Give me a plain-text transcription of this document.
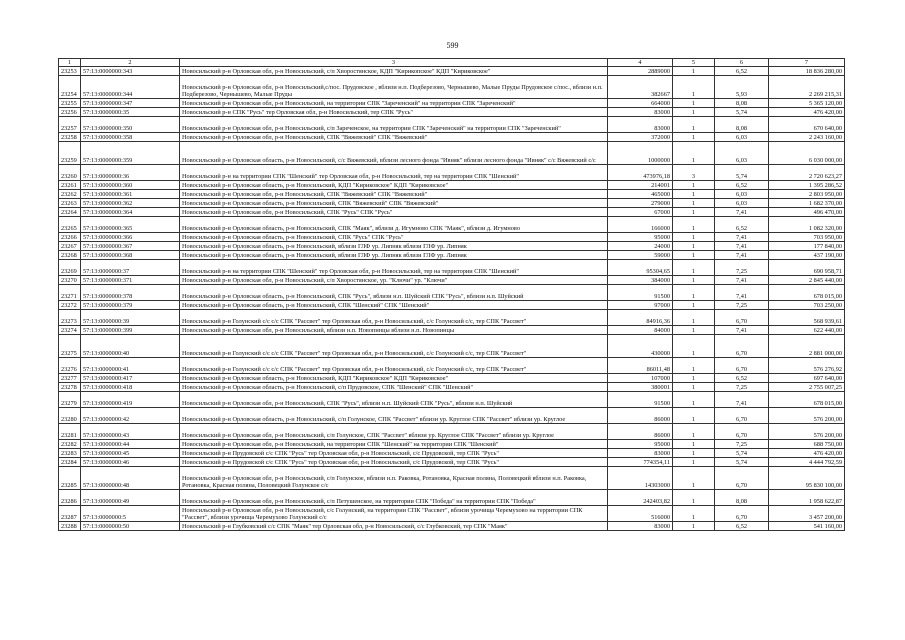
599
1	2	3	4	5	6	7
23253	57:13:0000000:343	Новосильский р-н Орловская обл, р-н Новосильский, с/п Хворостянское, КДП "Кирикопское" КДП "Кириковское"	2889000	1	6,52	18 836 280,00
23254	57:13:0000000:344	Новосильский р-н Орловская обл, р-н Новосильский,с/пос. Прудовское , вблизи н.п. Подберезово, Чернышево, Малые Пруды Прудовское с/пос., вблизи н.п. Подберезово, Чернышево, Малые Пруды	382667	1	5,93	2 269 215,31
23255	57:13:0000000:347	Новосильский р-н Орловская обл, р-н Новосильский, на территории СПК "Зареченский" на территории СПК "Зареченский"	664000	1	8,08	5 365 120,00
23256	57:13:0000000:35	Новосильский р-н СПК "Русь" тер Орловская обл, р-н Новосильский, тер СПК "Русь"	83000	1	5,74	476 420,00
23257	57:13:0000000:350	Новосильский р-н Орловская обл, р-н Новосильский, с/п Зареченское, на территории СПК "Зареченский" на территории СПК "Зареченский"	83000	1	8,08	670 640,00
23258	57:13:0000000:358	Новосильский р-н Орловская обл, р-н Новосильский, СПК "Вяжевский" СПК "Вяжевский"	372000	1	6,03	2 243 160,00
23259	57:13:0000000:359	Новосильский р-н Орловская область, р-н Новосильский, с/с Вяжевский, вблизи лесного фонда "Ивняк" вблизи лесного фонда "Ивняк" с/с Вяжевский с/с	1000000	1	6,03	6 030 000,00
23260	57:13:0000000:36	Новосильский р-н на территории СПК "Шенский" тер Орловская обл, р-н Новосильский, тер на территории СПК "Шенский"	473976,18	3	5,74	2 720 623,27
23261	57:13:0000000:360	Новосильский р-н Орловская область, р-н Новосильский, КДП "Кириковское" КДП "Кириковское"	214001	1	6,52	1 395 286,52
23262	57:13:0000000:361	Новосильский р-н Орловская обл, р-н Новосильский, СПК "Вяжевский" СПК "Вяжевский"	465000	1	6,03	2 803 950,00
23263	57:13:0000000:362	Новосильский р-н Орловская область, р-н Новосильский, СПК "Вяжевский" СПК "Вяжевский"	279000	1	6,03	1 682 370,00
23264	57:13:0000000:364	Новосильский р-н Орловская обл, р-н Новосильский, СПК "Русь" СПК "Русь"	67000	1	7,41	496 470,00
23265	57:13:0000000:365	Новосильский р-н Орловская область, р-н Новосильский, СПК "Маяк", вблизи д. Игумново СПК "Маяк", вблизи д. Игумново	166000	1	6,52	1 082 320,00
23266	57:13:0000000:366	Новосильский р-н Орловская область, р-н Новосильский, СПК "Русь" СПК "Русь"	95000	1	7,41	703 950,00
23267	57:13:0000000:367	Новосильский р-н Орловская область, р-н Новосильский, вблизи ГЛФ ур. Липняк вблизи ГЛФ ур. Липняк	24000	1	7,41	177 840,00
23268	57:13:0000000:368	Новосильский р-н Орловская область, р-н Новосильский, вблизи ГЛФ ур. Липняк вблизи ГЛФ ур. Липняк	59000	1	7,41	437 190,00
23269	57:13:0000000:37	Новосильский р-н на территории СПК "Шенский" тер Орловская обл, р-н Новосильский, тер на территории СПК "Шенский"	95304,65	1	7,25	690 958,71
23270	57:13:0000000:371	Новосильский р-н Орловская обл, р-н Новосильский, с/п Хворостянское, ур. "Ключи" ур. "Ключи"	384000	1	7,41	2 845 440,00
23271	57:13:0000000:378	Новосильский р-н Орловская область, р-н Новосильский, СПК "Русь", вблизи н.п. Шуйский СПК "Русь", вблизи н.п. Шуйский	91500	1	7,41	678 015,00
23272	57:13:0000000:379	Новосильский р-н Орловская область, р-н Новосильский, СПК "Шенский" СПК "Шенский"	97000	1	7,25	703 250,00
23273	57:13:0000000:39	Новосильский р-н Голунский с/с с/с СПК "Рассвет" тер Орловская обл, р-н Новосильский, с/с Голунский с/с, тер СПК "Рассвет"	84916,36	1	6,70	568 939,61
23274	57:13:0000000:399	Новосильский р-н Орловская обл, р-н Новосильский, вблизи н.п. Новопинцы вблизи н.п. Новопинцы	84000	1	7,41	622 440,00
23275	57:13:0000000:40	Новосильский р-н Голунский с/с с/с СПК "Рассвет" тер Орловская обл, р-н Новосильский, с/с Голунский с/с, тер СПК "Рассвет"	430000	1	6,70	2 881 000,00
23276	57:13:0000000:41	Новосильский р-н Голунский с/с с/с СПК "Рассвет" тер Орловская обл, р-н Новосильский, с/с Голунский с/с, тер СПК "Рассвет"	86011,48	1	6,70	576 276,92
23277	57:13:0000000:417	Новосильский р-н Орловская область, р-н Новосильский, КДП "Кириковское" КДП "Кириковское"	107000	1	6,52	697 640,00
23278	57:13:0000000:418	Новосильский р-н Орловская область, р-н Новосильский, с/п Прудовское, СПК "Шенский" СПК "Шенский"	380001	1	7,25	2 755 007,25
23279	57:13:0000000:419	Новосильский р-н Орловская обл, р-н Новосильский, СПК "Русь", вблизи н.п. Шуйский СПК "Русь", вблизи н.п. Шуйский	91500	1	7,41	678 015,00
23280	57:13:0000000:42	Новосильский р-н Орловская область, р-н Новосильский, с/п Голунское, СПК "Рассвет" вблизи ур. Круглое СПК "Рассвет" вблизи ур. Круглое	86000	1	6,70	576 200,00
23281	57:13:0000000:43	Новосильский р-н Орловская обл, р-н Новосильский, с/п Голунское, СПК "Рассвет" вблизи ур. Круглое СПК "Рассвет" вблизи ур. Круглое	86000	1	6,70	576 200,00
23282	57:13:0000000:44	Новосильский р-н Орловская обл, р-н Новосильский, на территории СПК "Шенский" на территории СПК "Шенский"	95000	1	7,25	688 750,00
23283	57:13:0000000:45	Новосильский р-н Прудовской с/с СПК "Русь" тер Орловская обл, р-н Новосильский, с/с Прудовской, тер СПК "Русь"	83000	1	5,74	476 420,00
23284	57:13:0000000:46	Новосильский р-н Прудовской с/с СПК "Русь" тер Орловская обл, р-н Новосильский, с/с Прудовской, тер СПК "Русь"	774354,11	1	5,74	4 444 792,59
23285	57:13:0000000:48	Новосильский р-н Орловская обл, р-н Новосильский, с/п Голунское, вблизи н.п. Раковка, Ротановка, Красная поляна, Половецкий вблизи н.п. Раковка, Ротановка, Красная поляна, Половецкий Голунское с/с	14303000	1	6,70	95 830 100,00
23286	57:13:0000000:49	Новосильский р-н Орловская обл, р-н Новосильский, с/п Петушенское, на территории СПК "Победа" на территории СПК "Победа"	242403,82	1	8,08	1 958 622,87
23287	57:13:0000000:5	Новосильский р-н Орловская обл, р-н Новосильский, с/с Голунский, на территории СПК "Рассвет", вблизи урочища Черемухово на территории СПК "Рассвет", вблизи урочища Черемухово Голунский с/с	516000	1	6,70	3 457 200,00
23288	57:13:0000000:50	Новосильский р-н Глубковский с/с СПК "Маяк" тер Орловская обл, р-н Новосильский, с/с Глубковский, тер СПК "Маяк"	83000	1	6,52	541 160,00
